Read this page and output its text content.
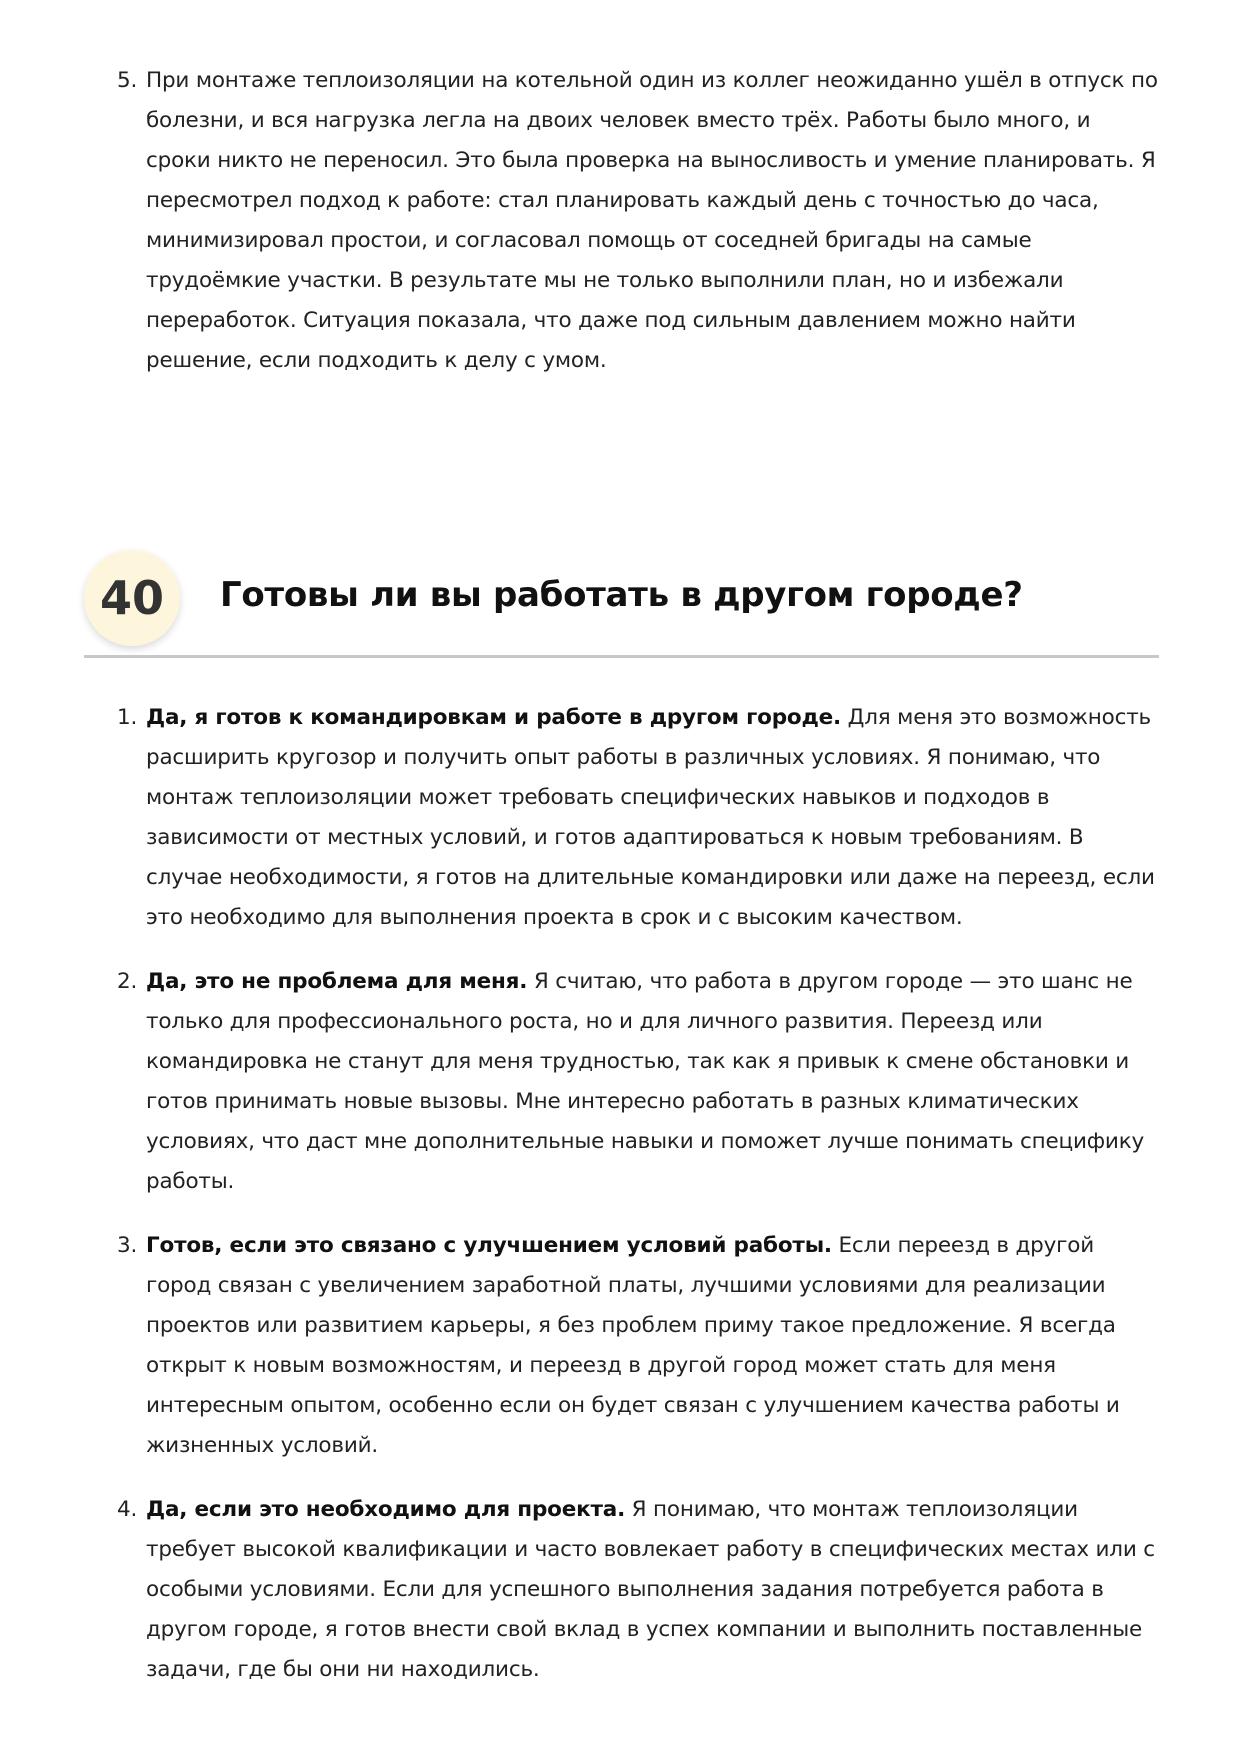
5. При монтаже теплоизоляции на котельной один из коллег неожиданно ушёл в отпуск по болезни, и вся нагрузка легла на двоих человек вместо трёх. Работы было много, и сроки никто не переносил. Это была проверка на выносливость и умение планировать. Я пересмотрел подход к работе: стал планировать каждый день с точностью до часа, минимизировал простои, и согласовал помощь от соседней бригады на самые трудоёмкие участки. В результате мы не только выполнили план, но и избежали переработок. Ситуация показала, что даже под сильным давлением можно найти решение, если подходить к делу с умом.
40	Готовы ли вы работать в другом городе?
1. Да, я готов к командировкам и работе в другом городе. Для меня это возможность расширить кругозор и получить опыт работы в различных условиях. Я понимаю, что монтаж теплоизоляции может требовать специфических навыков и подходов в зависимости от местных условий, и готов адаптироваться к новым требованиям. В случае необходимости, я готов на длительные командировки или даже на переезд, если это необходимо для выполнения проекта в срок и с высоким качеством.
2. Да, это не проблема для меня. Я считаю, что работа в другом городе — это шанс не только для профессионального роста, но и для личного развития. Переезд или командировка не станут для меня трудностью, так как я привык к смене обстановки и готов принимать новые вызовы. Мне интересно работать в разных климатических условиях, что даст мне дополнительные навыки и поможет лучше понимать специфику работы.
3. Готов, если это связано с улучшением условий работы. Если переезд в другой город связан с увеличением заработной платы, лучшими условиями для реализации проектов или развитием карьеры, я без проблем приму такое предложение. Я всегда открыт к новым возможностям, и переезд в другой город может стать для меня интересным опытом, особенно если он будет связан с улучшением качества работы и жизненных условий.
4. Да, если это необходимо для проекта. Я понимаю, что монтаж теплоизоляции требует высокой квалификации и часто вовлекает работу в специфических местах или с особыми условиями. Если для успешного выполнения задания потребуется работа в другом городе, я готов внести свой вклад в успех компании и выполнить поставленные задачи, где бы они ни находились.
